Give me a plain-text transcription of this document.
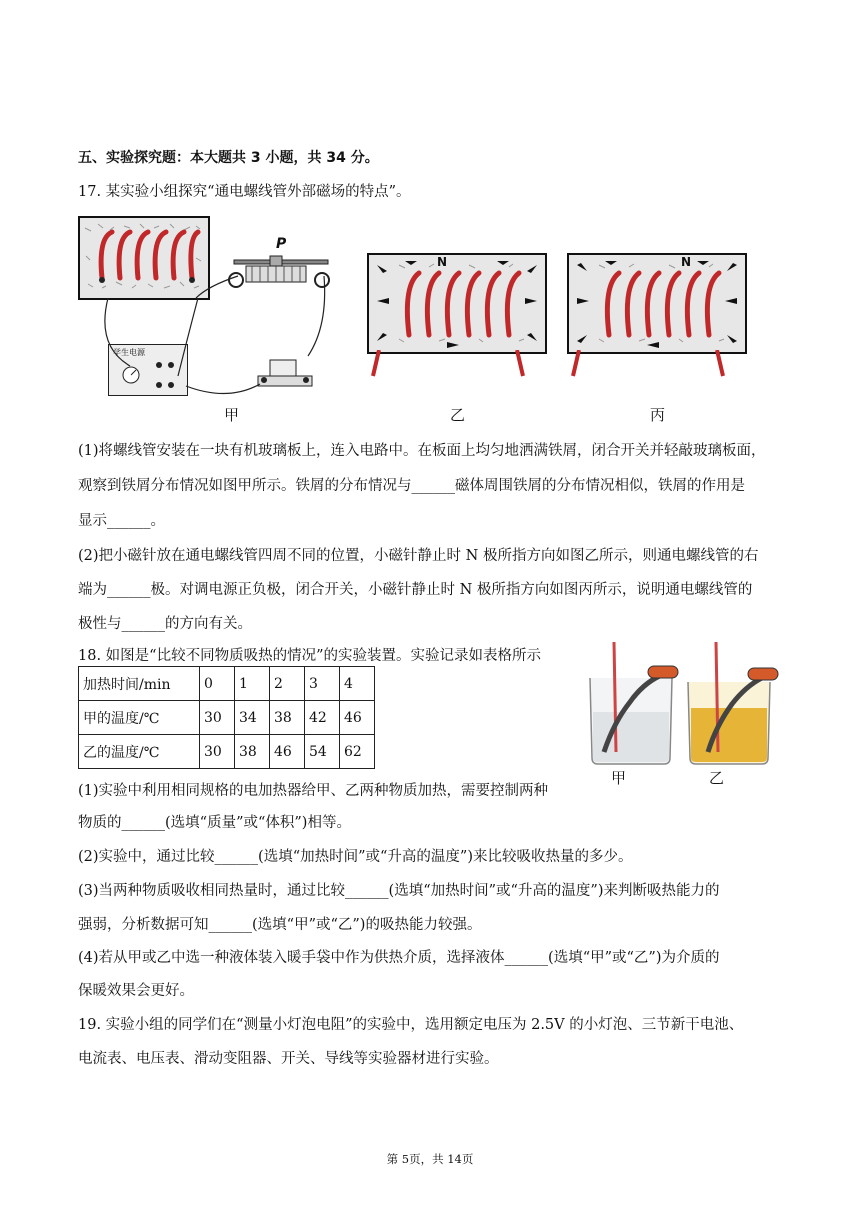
五、实验探究题：本大题共 3 小题，共 34 分。
17. 某实验小组探究“通电螺线管外部磁场的特点”。
P
学生电源
甲
N
乙
N
丙
(1)将螺线管安装在一块有机玻璃板上，连入电路中。在板面上均匀地洒满铁屑，闭合开关并轻敲玻璃板面，
观察到铁屑分布情况如图甲所示。铁屑的分布情况与______磁体周围铁屑的分布情况相似，铁屑的作用是
显示______。
(2)把小磁针放在通电螺线管四周不同的位置，小磁针静止时 N 极所指方向如图乙所示，则通电螺线管的右
端为______极。对调电源正负极，闭合开关，小磁针静止时 N 极所指方向如图丙所示，说明通电螺线管的
极性与______的方向有关。
18. 如图是“比较不同物质吸热的情况”的实验装置。实验记录如表格所示
加热时间/min	0	1	2	3	4
甲的温度/℃	30	34	38	42	46
乙的温度/℃	30	38	46	54	62
甲	乙
(1)实验中利用相同规格的电加热器给甲、乙两种物质加热，需要控制两种
物质的______(选填“质量”或“体积”)相等。
(2)实验中，通过比较______(选填“加热时间”或“升高的温度”)来比较吸收热量的多少。
(3)当两种物质吸收相同热量时，通过比较______(选填“加热时间”或“升高的温度”)来判断吸热能力的
强弱，分析数据可知______(选填“甲”或“乙”)的吸热能力较强。
(4)若从甲或乙中选一种液体装入暖手袋中作为供热介质，选择液体______(选填“甲”或“乙”)为介质的
保暖效果会更好。
19. 实验小组的同学们在“测量小灯泡电阻”的实验中，选用额定电压为 2.5V 的小灯泡、三节新干电池、
电流表、电压表、滑动变阻器、开关、导线等实验器材进行实验。
第 5页，共 14页
